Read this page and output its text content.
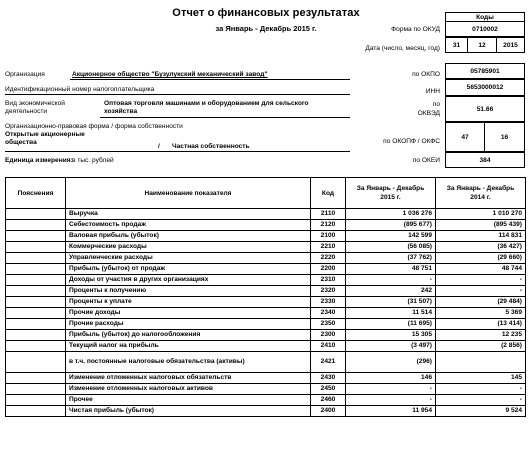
Отчет о финансовых результатах
за Январь - Декабрь 2015 г.
Коды
Форма по ОКУД	0710002
Дата (число, месяц, год)	31	12	2015
по ОКПО	05785901
ИНН
5653000012
по
ОКВЭД
51.66
по ОКОПФ / ОКФС
47	16
по ОКЕИ	384
Организация	Акционерное общество "Бузулукский механический завод"
Идентификационный номер налогоплательщика
Вид экономической
деятельности
Оптовая торговля машинами и оборудованием для сельского
хозяйства
Организационно-правовая форма / форма собственности
Открытые акционерные
общества
/ Частная собственность
Единица измерения: в тыс. рублей
Пояснения	Наименование показателя	Код	За Январь - Декабрь 2015 г.	За Январь - Декабрь 2014 г.
	Выручка	2110	1 036 276	1 010 270
	Себестоимость продаж	2120	(895 677)	(895 439)
	Валовая прибыль (убыток)	2100	142 599	114 831
	Коммерческие расходы	2210	(56 085)	(36 427)
	Управленческие расходы	2220	(37 762)	(29 660)
	Прибыль (убыток) от продаж	2200	48 751	48 744
	Доходы от участия в других организациях	2310	-	-
	Проценты к получению	2320	242	-
	Проценты к уплате	2330	(31 507)	(29 484)
	Прочие доходы	2340	11 514	5 369
	Прочие расходы	2350	(11 695)	(13 414)
	Прибыль (убыток) до налогообложения	2300	15 305	12 235
	Текущий налог на прибыль	2410	(3 497)	(2 856)
	в т.ч. постоянные налоговые обязательства (активы)	2421	(296)	
	Изменение отложенных налоговых обязательств	2430	146	145
	Изменение отложенных налоговых активов	2450	-	-
	Прочее	2460	-	-
	Чистая прибыль (убыток)	2400	11 954	9 524
